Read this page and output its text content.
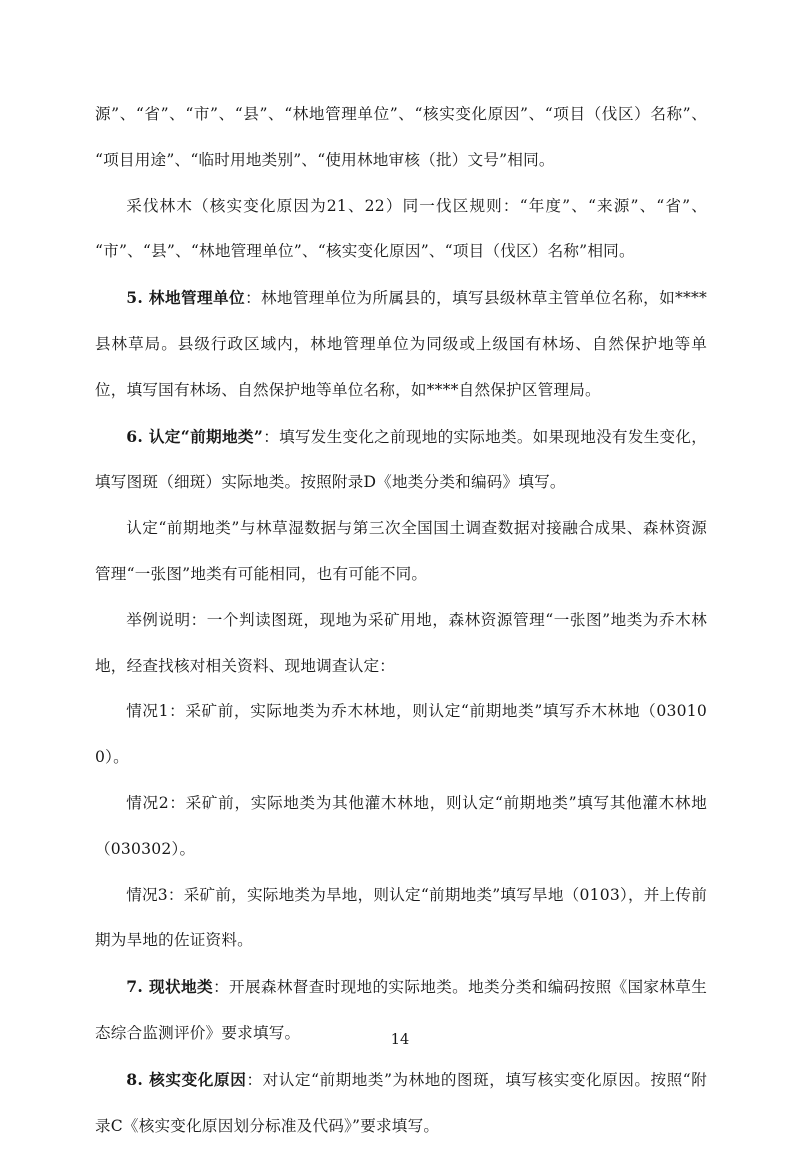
源”、“省”、“市”、“县”、“林地管理单位”、“核实变化原因”、“项目（伐区）名称”、“项目用途”、“临时用地类别”、“使用林地审核（批）文号”相同。

采伐林木（核实变化原因为21、22）同一伐区规则：“年度”、“来源”、“省”、“市”、“县”、“林地管理单位”、“核实变化原因”、“项目（伐区）名称”相同。

5. 林地管理单位：林地管理单位为所属县的，填写县级林草主管单位名称，如****县林草局。县级行政区域内，林地管理单位为同级或上级国有林场、自然保护地等单位，填写国有林场、自然保护地等单位名称，如****自然保护区管理局。

6. 认定“前期地类”：填写发生变化之前现地的实际地类。如果现地没有发生变化，填写图斑（细斑）实际地类。按照附录D《地类分类和编码》填写。

认定“前期地类”与林草湿数据与第三次全国国土调查数据对接融合成果、森林资源管理“一张图”地类有可能相同，也有可能不同。

举例说明：一个判读图斑，现地为采矿用地，森林资源管理“一张图”地类为乔木林地，经查找核对相关资料、现地调查认定：

情况1：采矿前，实际地类为乔木林地，则认定“前期地类”填写乔木林地（030100）。

情况2：采矿前，实际地类为其他灌木林地，则认定“前期地类”填写其他灌木林地（030302）。

情况3：采矿前，实际地类为旱地，则认定“前期地类”填写旱地（0103），并上传前期为旱地的佐证资料。

7. 现状地类：开展森林督查时现地的实际地类。地类分类和编码按照《国家林草生态综合监测评价》要求填写。

8. 核实变化原因：对认定“前期地类”为林地的图斑，填写核实变化原因。按照“附录C《核实变化原因划分标准及代码》”要求填写。

14
